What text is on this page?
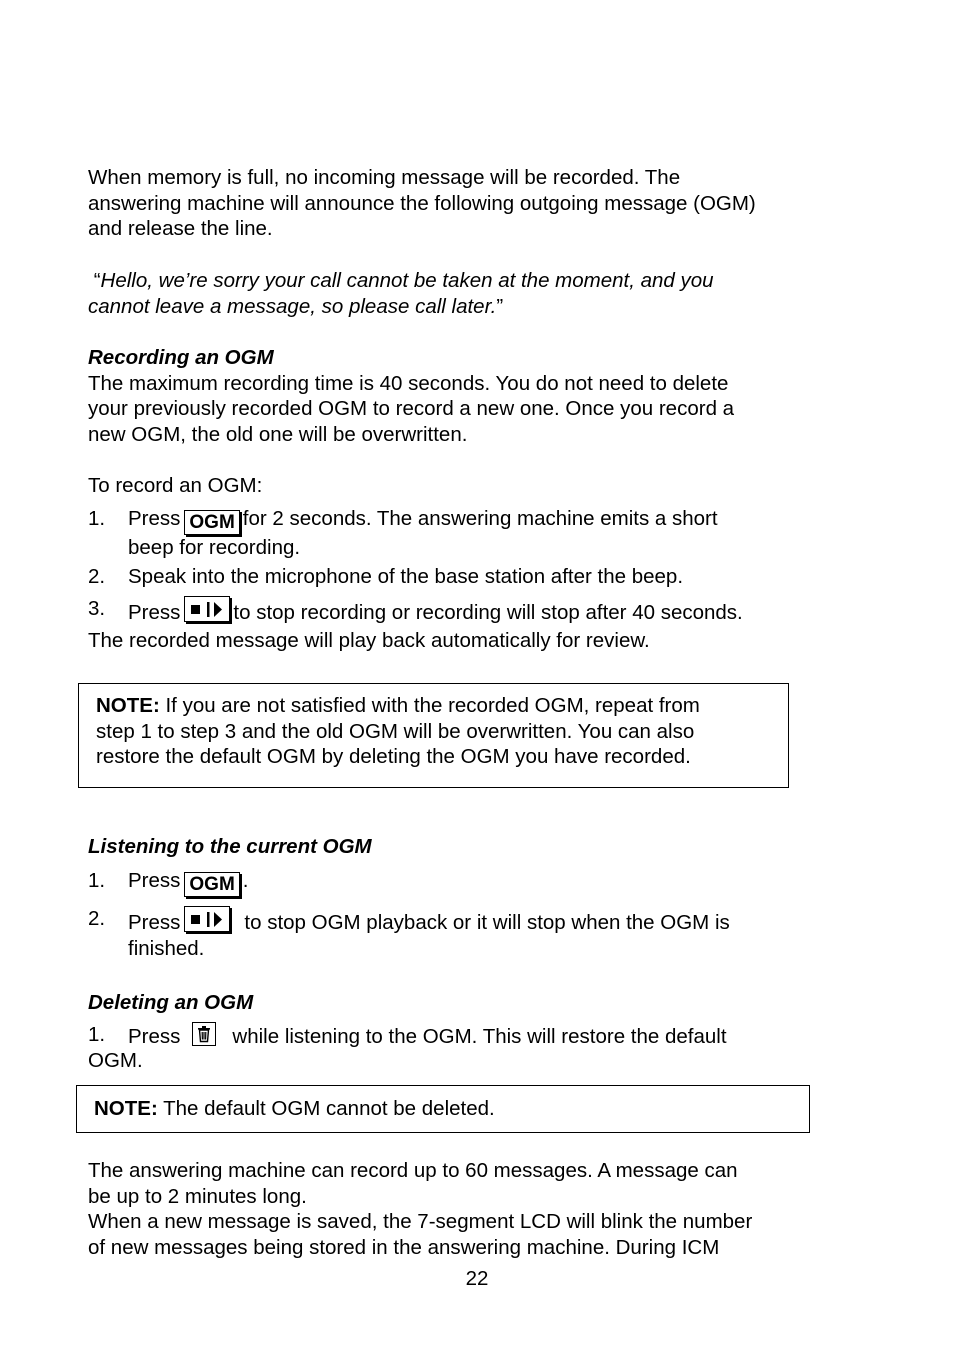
When memory is full, no incoming message will be recorded. The

answering machine will announce the following outgoing message (OGM)

and release the line.

“Hello, we’re sorry your call cannot be taken at the moment, and you

cannot leave a message, so please call later.”

Recording an OGM

The maximum recording time is 40 seconds. You do not need to delete

your previously recorded OGM to record a new one. Once you record a

new OGM, the old one will be overwritten.

To record an OGM:

1. Press OGM for 2 seconds. The answering machine emits a short

beep for recording.

2. Speak into the microphone of the base station after the beep.

3. Press	to stop recording or recording will stop after 40 seconds.

The recorded message will play back automatically for review.

NOTE: If you are not satisfied with the recorded OGM, repeat from

step 1 to step 3 and the old OGM will be overwritten. You can also

restore the default OGM by deleting the OGM you have recorded.

Listening to the current OGM

1. Press OGM .

2. Press	to stop OGM playback or it will stop when the OGM is

finished.

Deleting an OGM

1. Press	while listening to the OGM. This will restore the default

OGM.

NOTE: The default OGM cannot be deleted.

The answering machine can record up to 60 messages. A message can

be up to 2 minutes long.

When a new message is saved, the 7-segment LCD will blink the number

of new messages being stored in the answering machine. During ICM

22
